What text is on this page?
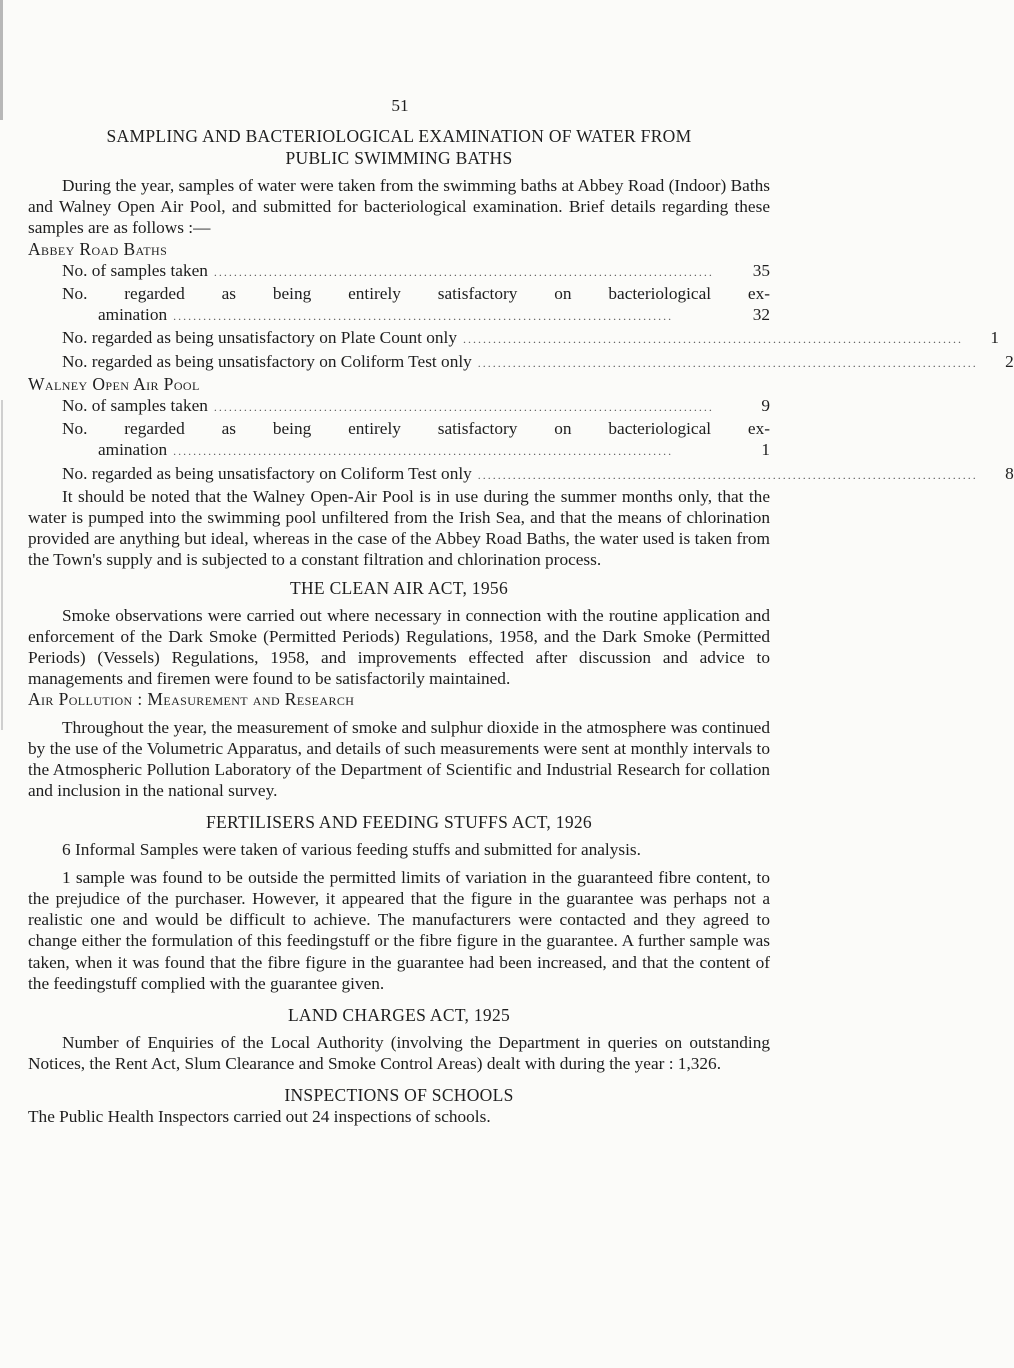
51
SAMPLING AND BACTERIOLOGICAL EXAMINATION OF WATER FROM
PUBLIC SWIMMING BATHS

During the year, samples of water were taken from the swimming baths at Abbey Road (Indoor) Baths and Walney Open Air Pool, and submitted for bacteriological examination. Brief details regarding these samples are as follows :—

Abbey Road Baths
No. of samples taken ....................................................................................................	35
No. regarded as being entirely satisfactory on bacteriological ex-
amination ....................................................................................................	32
No. regarded as being unsatisfactory on Plate Count only ....................................................................................................	1
No. regarded as being unsatisfactory on Coliform Test only ....................................................................................................	2
Walney Open Air Pool
No. of samples taken ....................................................................................................	9
No. regarded as being entirely satisfactory on bacteriological ex-
amination ....................................................................................................	1
No. regarded as being unsatisfactory on Coliform Test only ....................................................................................................	8

It should be noted that the Walney Open-Air Pool is in use during the summer months only, that the water is pumped into the swimming pool unfiltered from the Irish Sea, and that the means of chlorination provided are anything but ideal, whereas in the case of the Abbey Road Baths, the water used is taken from the Town's supply and is subjected to a constant filtration and chlorination process.

THE CLEAN AIR ACT, 1956

Smoke observations were carried out where necessary in connection with the routine application and enforcement of the Dark Smoke (Permitted Periods) Regulations, 1958, and the Dark Smoke (Permitted Periods) (Vessels) Regulations, 1958, and improvements effected after discussion and advice to managements and firemen were found to be satisfactorily maintained.

Air Pollution : Measurement and Research

Throughout the year, the measurement of smoke and sulphur dioxide in the atmosphere was continued by the use of the Volumetric Apparatus, and details of such measurements were sent at monthly intervals to the Atmospheric Pollution Laboratory of the Department of Scientific and Industrial Research for collation and inclusion in the national survey.

FERTILISERS AND FEEDING STUFFS ACT, 1926

6 Informal Samples were taken of various feeding stuffs and submitted for analysis.

1 sample was found to be outside the permitted limits of variation in the guaranteed fibre content, to the prejudice of the purchaser. However, it appeared that the figure in the guarantee was perhaps not a realistic one and would be difficult to achieve. The manufacturers were contacted and they agreed to change either the formulation of this feedingstuff or the fibre figure in the guarantee. A further sample was taken, when it was found that the fibre figure in the guarantee had been increased, and that the content of the feedingstuff complied with the guarantee given.

LAND CHARGES ACT, 1925

Number of Enquiries of the Local Authority (involving the Department in queries on outstanding Notices, the Rent Act, Slum Clearance and Smoke Control Areas) dealt with during the year : 1,326.

INSPECTIONS OF SCHOOLS

The Public Health Inspectors carried out 24 inspections of schools.
